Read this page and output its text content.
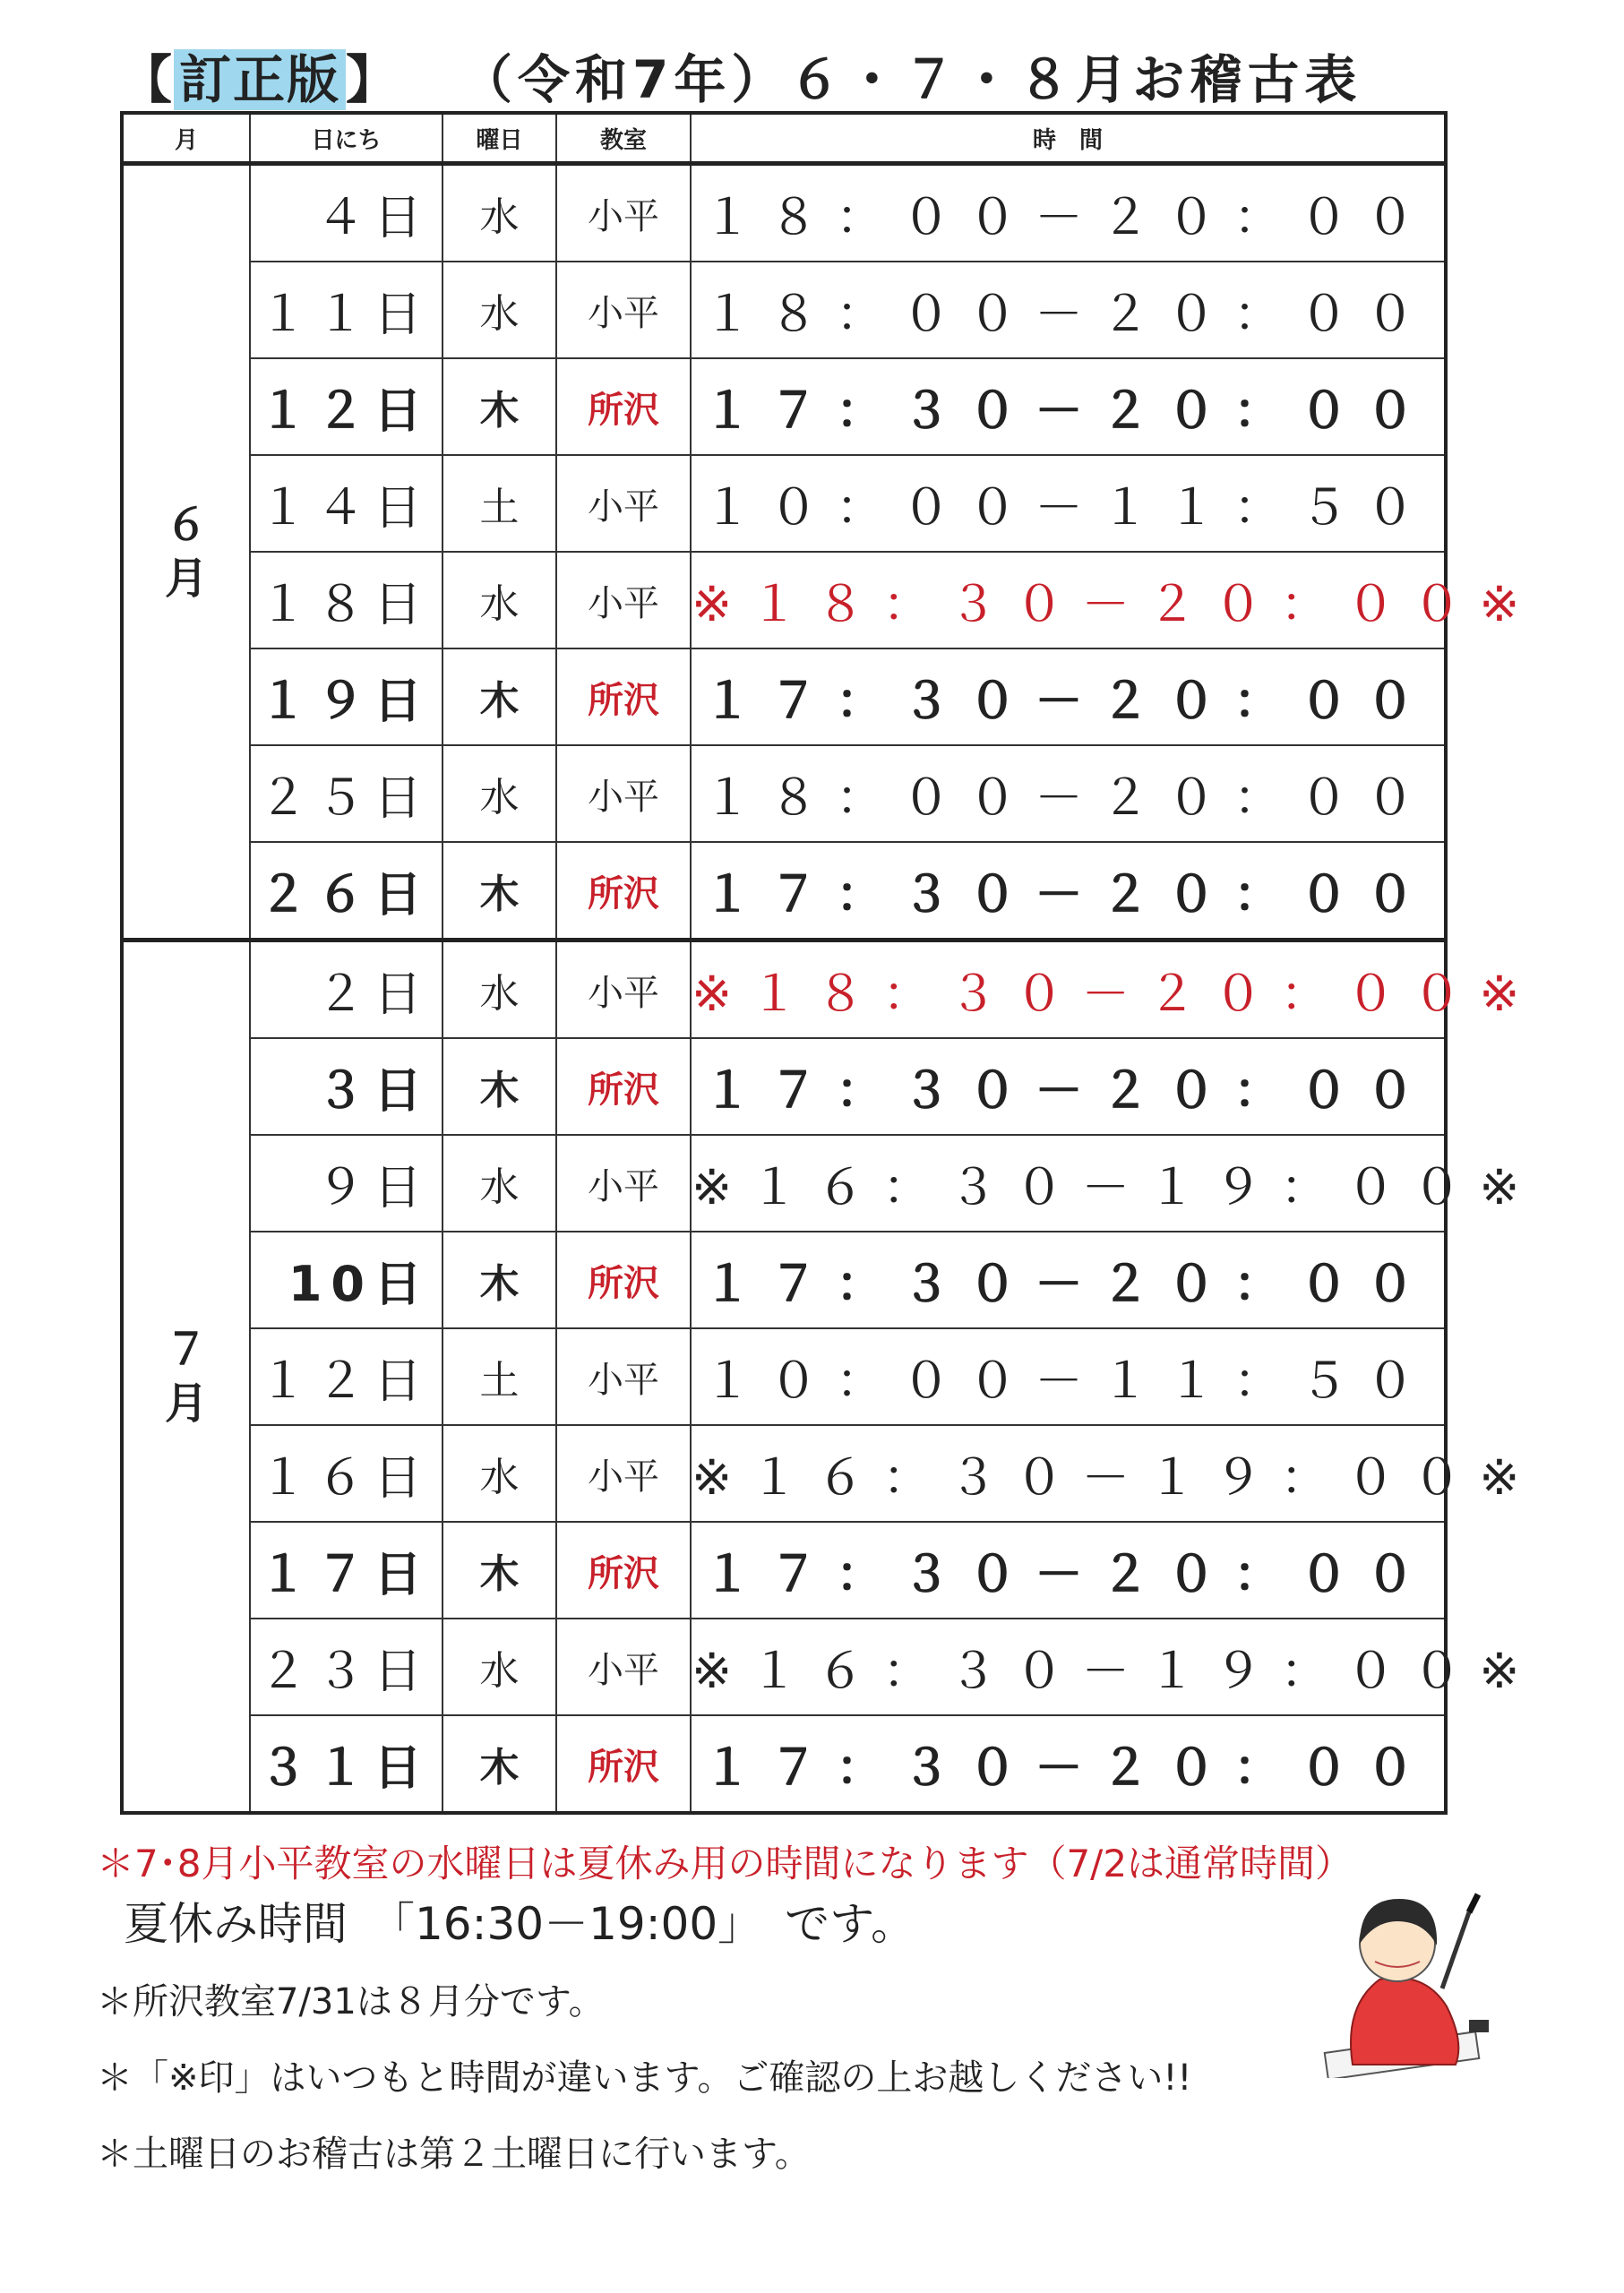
【 訂正版 】 （令和7年）６・７・８月お稽古表
月	日にち	曜日	教室	時　間
６
月	４日	水	小平	１８：００－２０：００
	１１日	水	小平	１８：００－２０：００
	１２日	木	所沢	１７：３０－２０：００
	１４日	土	小平	１０：００－１１：５０
	１８日	水	小平	※１８：３０－２０：００※
	１９日	木	所沢	１７：３０－２０：００
	２５日	水	小平	１８：００－２０：００
	２６日	木	所沢	１７：３０－２０：００
７
月	２日	水	小平	※１８：３０－２０：００※
	３日	木	所沢	１７：３０－２０：００
	９日	水	小平	※１６：３０－１９：００※
	10日	木	所沢	１７：３０－２０：００
	１２日	土	小平	１０：００－１１：５０
	１６日	水	小平	※１６：３０－１９：００※
	１７日	木	所沢	１７：３０－２０：００
	２３日	水	小平	※１６：３０－１９：００※
	３１日	木	所沢	１７：３０－２０：００
＊7･8月小平教室の水曜日は夏休み用の時間になります（7/2は通常時間）
夏休み時間　「16:30－19:00」　です。
＊所沢教室7/31は８月分です。
＊「※印」はいつもと時間が違います。ご確認の上お越しください!!
＊土曜日のお稽古は第２土曜日に行います。
